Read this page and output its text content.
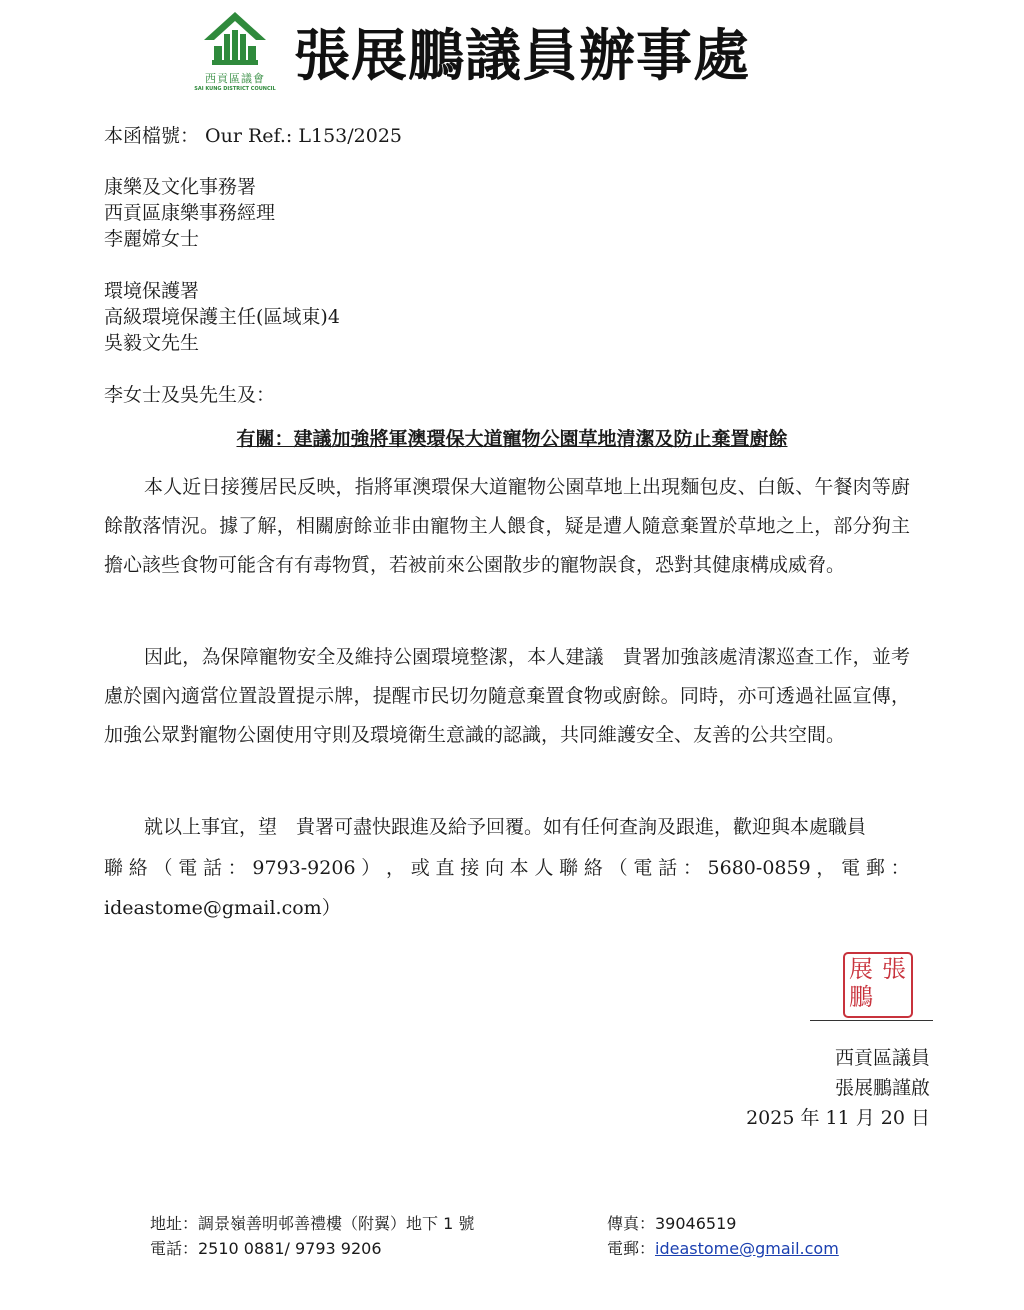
西貢區議會
SAI KUNG DISTRICT COUNCIL 張展鵬議員辦事處
本函檔號： Our Ref.: L153/2025
康樂及文化事務署
西貢區康樂事務經理
李麗嫦女士
環境保護署
高級環境保護主任(區域東)4
吳毅文先生
李女士及吳先生及：
有關：建議加強將軍澳環保大道寵物公園草地清潔及防止棄置廚餘
本人近日接獲居民反映，指將軍澳環保大道寵物公園草地上出現麵包皮、白飯、午餐肉等廚餘散落情況。據了解，相關廚餘並非由寵物主人餵食，疑是遭人隨意棄置於草地之上，部分狗主擔心該些食物可能含有有毒物質，若被前來公園散步的寵物誤食，恐對其健康構成威脅。
因此，為保障寵物安全及維持公園環境整潔，本人建議　貴署加強該處清潔巡查工作，並考慮於園內適當位置設置提示牌，提醒市民切勿隨意棄置食物或廚餘。同時，亦可透過社區宣傳，加強公眾對寵物公園使用守則及環境衛生意識的認識，共同維護安全、友善的公共空間。
就以上事宜，望　貴署可盡快跟進及給予回覆。如有任何查詢及跟進，歡迎與本處職員
聯 絡 （ 電 話 ： 9793-9206 ） ， 或 直 接 向 本 人 聯 絡 （ 電 話 ： 5680-0859 ， 電 郵 ：
ideastome@gmail.com）
張
展
鵬
西貢區議員
張展鵬謹啟
2025 年 11 月 20 日
地址：調景嶺善明邨善禮樓（附翼）地下 1 號
電話：2510 0881/ 9793 9206
傳真：39046519
電郵：ideastome@gmail.com
